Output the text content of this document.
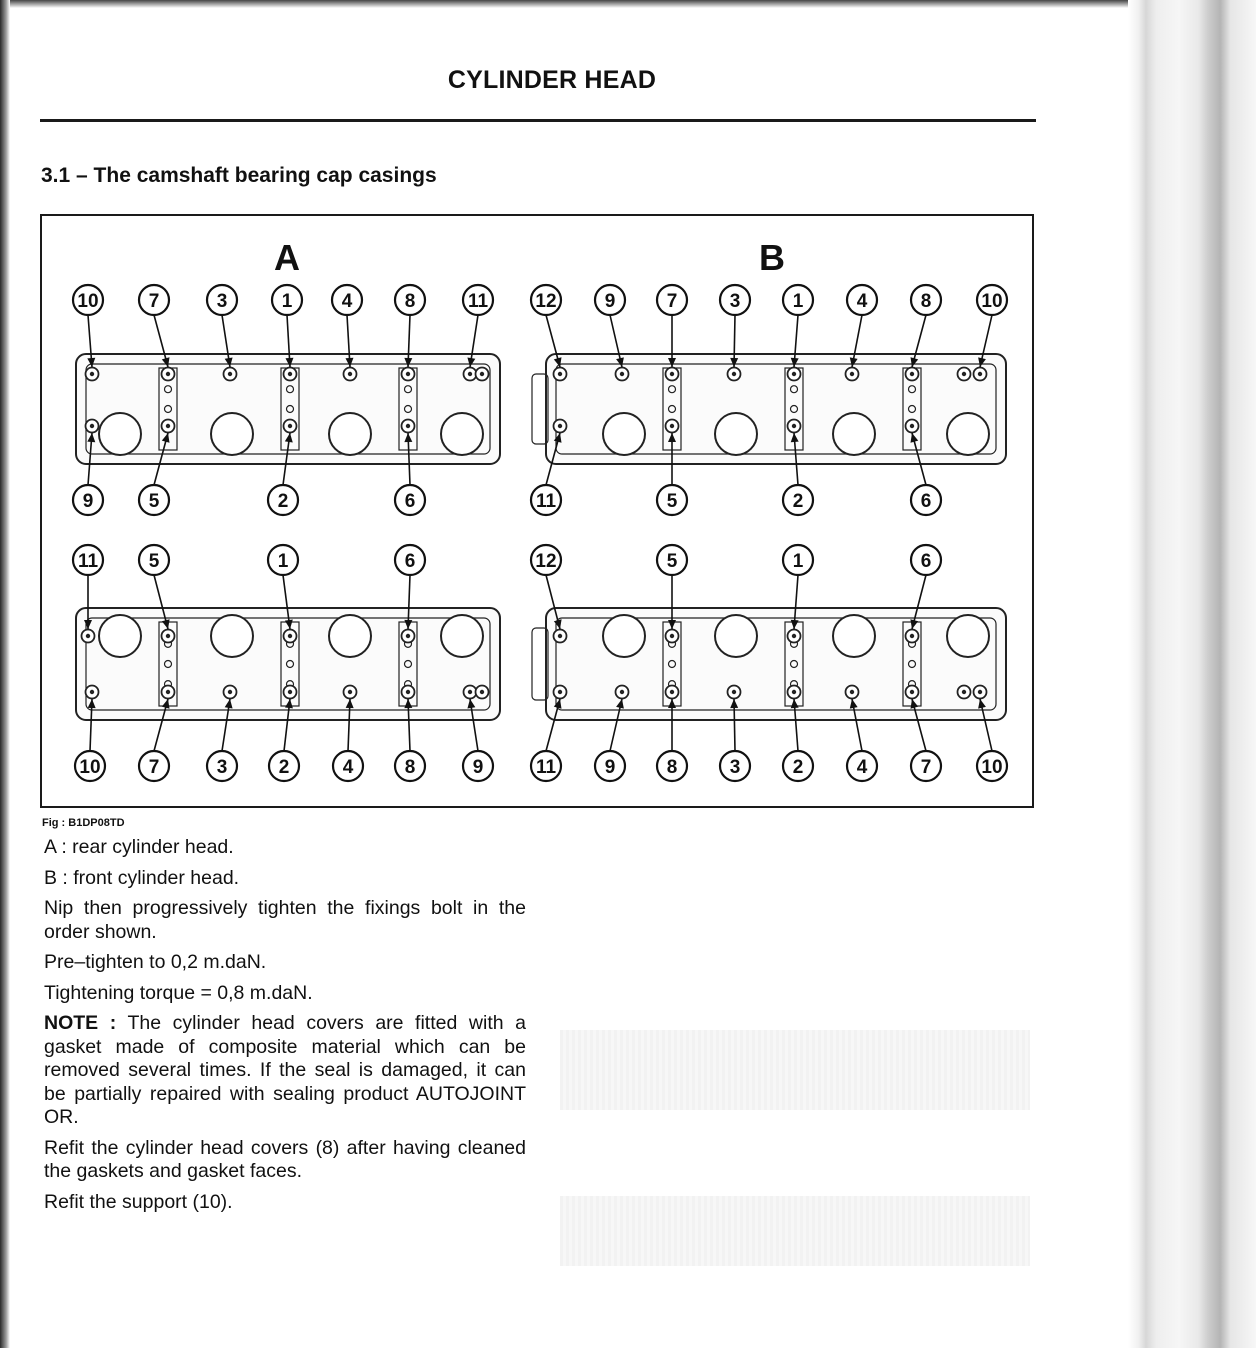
CYLINDER HEAD
3.1 – The camshaft bearing cap casings
A	B
10	7	3	1	4	8	11
9	5	2	6
11	5	1	6
10	7	3	2	4	8	9
12	9	7	3	1	4	8	10
11	5	2	6
12	5	1	6
11	9	8	3	2	4	7	10
Fig : B1DP08TD

A : rear cylinder head.

B : front cylinder head.

Nip then progressively tighten the fixings bolt in the order shown.

Pre–tighten to 0,2 m.daN.

Tightening torque = 0,8 m.daN.

NOTE : The cylinder head covers are fitted with a gasket made of composite material which can be removed several times. If the seal is damaged, it can be partially repaired with sealing product AUTOJOINT OR.

Refit the cylinder head covers (8) after having cleaned the gaskets and gasket faces.

Refit the support (10).
